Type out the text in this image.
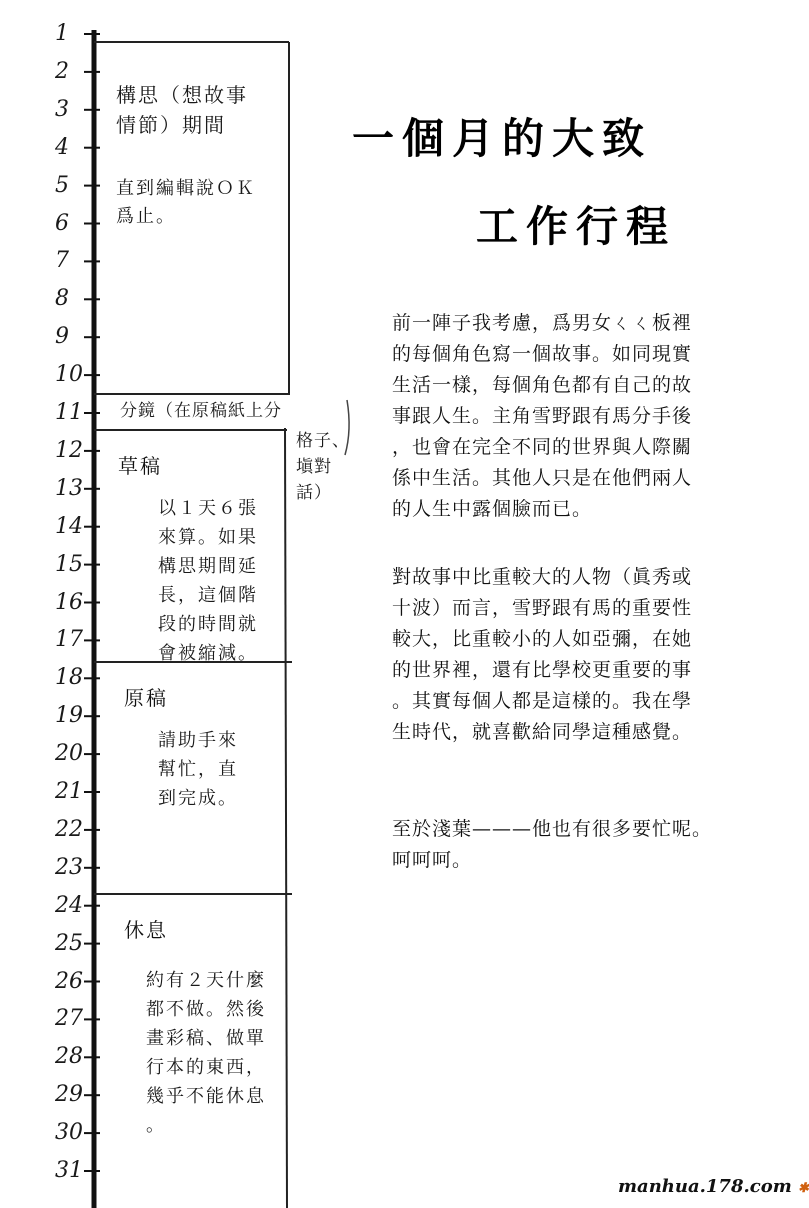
1
2
3
4
5
6
7
8
9
10
11
12
13
14
15
16
17
18
19
20
21
22
23
24
25
26
27
28
29
30
31
構思（想故事
情節）期間
直到編輯說ＯＫ
爲止。
分鏡（在原稿紙上分
格子、
塡對
話）
草稿
以１天６張
來算。如果
構思期間延
長，這個階
段的時間就
會被縮減。
原稿
請助手來
幫忙，直
到完成。
休息
約有２天什麼
都不做。然後
畫彩稿、做單
行本的東西，
幾乎不能休息
。
一個月的大致
工作行程
前一陣子我考慮，爲男女ㄑㄑ板裡
的每個角色寫一個故事。如同現實
生活一樣，每個角色都有自己的故
事跟人生。主角雪野跟有馬分手後
，也會在完全不同的世界與人際關
係中生活。其他人只是在他們兩人
的人生中露個臉而已。
對故事中比重較大的人物（眞秀或
十波）而言，雪野跟有馬的重要性
較大，比重較小的人如亞彌，在她
的世界裡，還有比學校更重要的事
。其實每個人都是這樣的。我在學
生時代，就喜歡給同學這種感覺。
至於淺葉———他也有很多要忙呢。
呵呵呵。
manhua.178.com ✱
